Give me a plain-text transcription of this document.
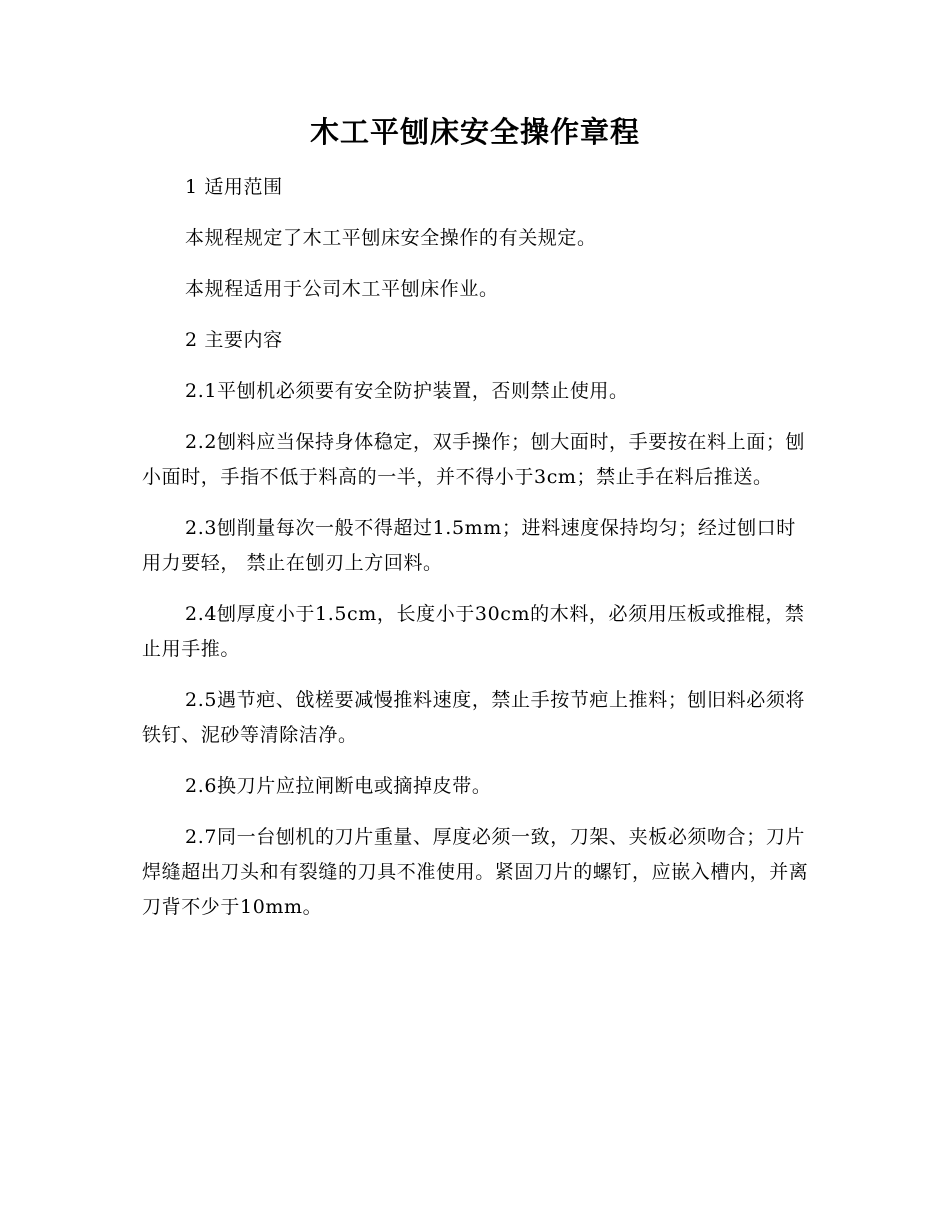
木工平刨床安全操作章程

1 适用范围

本规程规定了木工平刨床安全操作的有关规定。

本规程适用于公司木工平刨床作业。

2 主要内容

2.1平刨机必须要有安全防护装置，否则禁止使用。

2.2刨料应当保持身体稳定，双手操作；刨大面时，手要按在料上面；刨小面时，手指不低于料高的一半，并不得小于3cm；禁止手在料后推送。

2.3刨削量每次一般不得超过1.5mm；进料速度保持均匀；经过刨口时用力要轻， 禁止在刨刃上方回料。

2.4刨厚度小于1.5cm，长度小于30cm的木料，必须用压板或推棍，禁止用手推。

2.5遇节疤、戗槎要减慢推料速度，禁止手按节疤上推料；刨旧料必须将铁钉、泥砂等清除洁净。

2.6换刀片应拉闸断电或摘掉皮带。

2.7同一台刨机的刀片重量、厚度必须一致，刀架、夹板必须吻合；刀片焊缝超出刀头和有裂缝的刀具不准使用。紧固刀片的螺钉，应嵌入槽内，并离刀背不少于10mm。
